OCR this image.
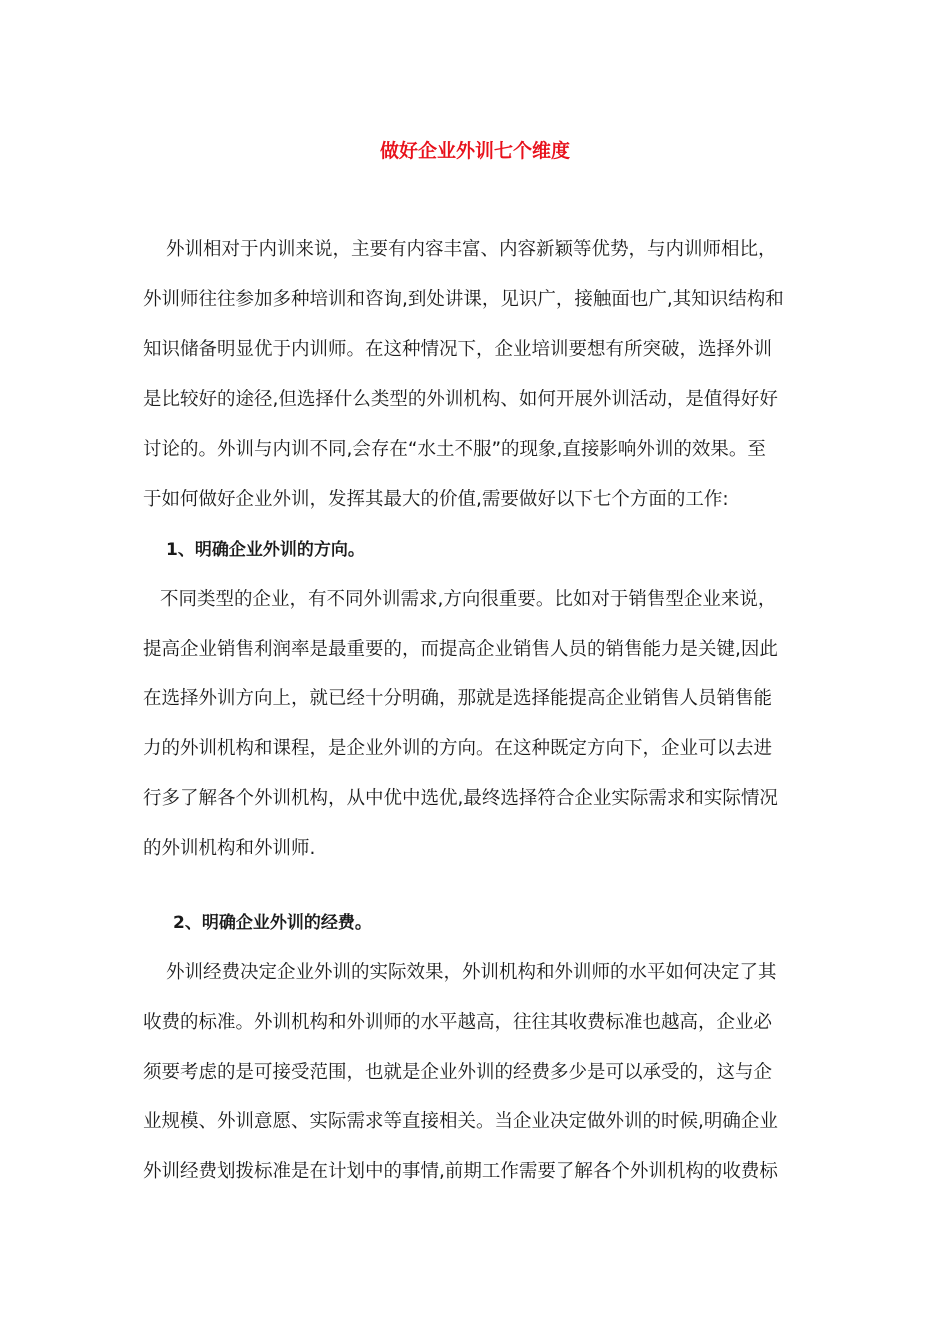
做好企业外训七个维度

外训相对于内训来说，主要有内容丰富、内容新颖等优势，与内训师相比，

外训师往往参加多种培训和咨询,到处讲课，见识广，接触面也广,其知识结构和

知识储备明显优于内训师。在这种情况下，企业培训要想有所突破，选择外训

是比较好的途径,但选择什么类型的外训机构、如何开展外训活动，是值得好好

讨论的。外训与内训不同,会存在“水土不服”的现象,直接影响外训的效果。至

于如何做好企业外训，发挥其最大的价值,需要做好以下七个方面的工作:

1、明确企业外训的方向。

不同类型的企业，有不同外训需求,方向很重要。比如对于销售型企业来说，

提高企业销售利润率是最重要的，而提高企业销售人员的销售能力是关键,因此

在选择外训方向上，就已经十分明确，那就是选择能提高企业销售人员销售能

力的外训机构和课程，是企业外训的方向。在这种既定方向下，企业可以去进

行多了解各个外训机构，从中优中选优,最终选择符合企业实际需求和实际情况

的外训机构和外训师.

2、明确企业外训的经费。

外训经费决定企业外训的实际效果，外训机构和外训师的水平如何决定了其

收费的标准。外训机构和外训师的水平越高，往往其收费标准也越高，企业必

须要考虑的是可接受范围，也就是企业外训的经费多少是可以承受的，这与企

业规模、外训意愿、实际需求等直接相关。当企业决定做外训的时候,明确企业

外训经费划拨标准是在计划中的事情,前期工作需要了解各个外训机构的收费标
